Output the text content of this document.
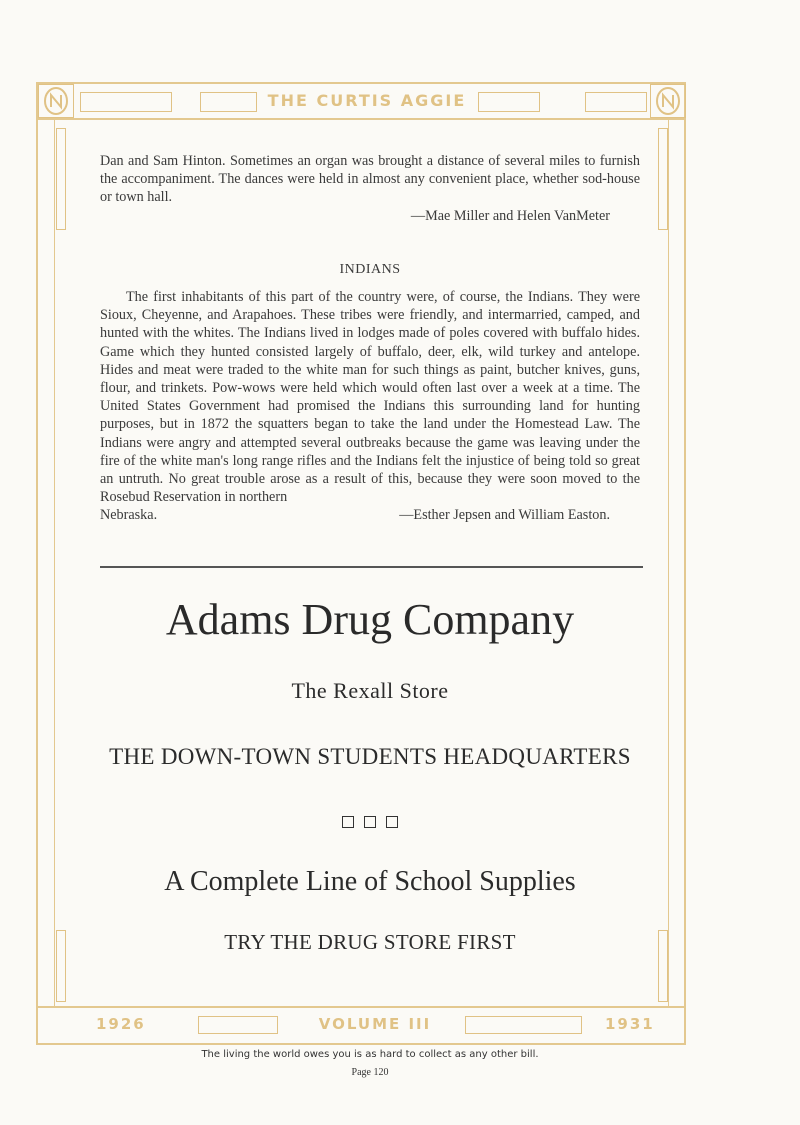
THE CURTIS AGGIE
1926	VOLUME III	1931

Dan and Sam Hinton. Sometimes an organ was brought a distance of several miles to furnish the accompaniment. The dances were held in almost any convenient place, whether sod-house or town hall.

—Mae Miller and Helen VanMeter

INDIANS

The first inhabitants of this part of the country were, of course, the Indians. They were Sioux, Cheyenne, and Arapahoes. These tribes were friendly, and intermarried, camped, and hunted with the whites. The Indians lived in lodges made of poles covered with buffalo hides. Game which they hunted consisted largely of buffalo, deer, elk, wild turkey and antelope. Hides and meat were traded to the white man for such things as paint, butcher knives, guns, flour, and trinkets. Pow-wows were held which would often last over a week at a time. The United States Government had promised the Indians this surrounding land for hunting purposes, but in 1872 the squatters began to take the land under the Homestead Law. The Indians were angry and attempted several outbreaks because the game was leaving under the fire of the white man's long range rifles and the Indians felt the injustice of being told so great an untruth. No great trouble arose as a result of this, because they were soon moved to the Rosebud Reservation in northern

Nebraska.	—Esther Jepsen and William Easton.
Adams Drug Company
The Rexall Store
THE DOWN-TOWN STUDENTS HEADQUARTERS

A Complete Line of School Supplies
TRY THE DRUG STORE FIRST
The living the world owes you is as hard to collect as any other bill.
Page 120
